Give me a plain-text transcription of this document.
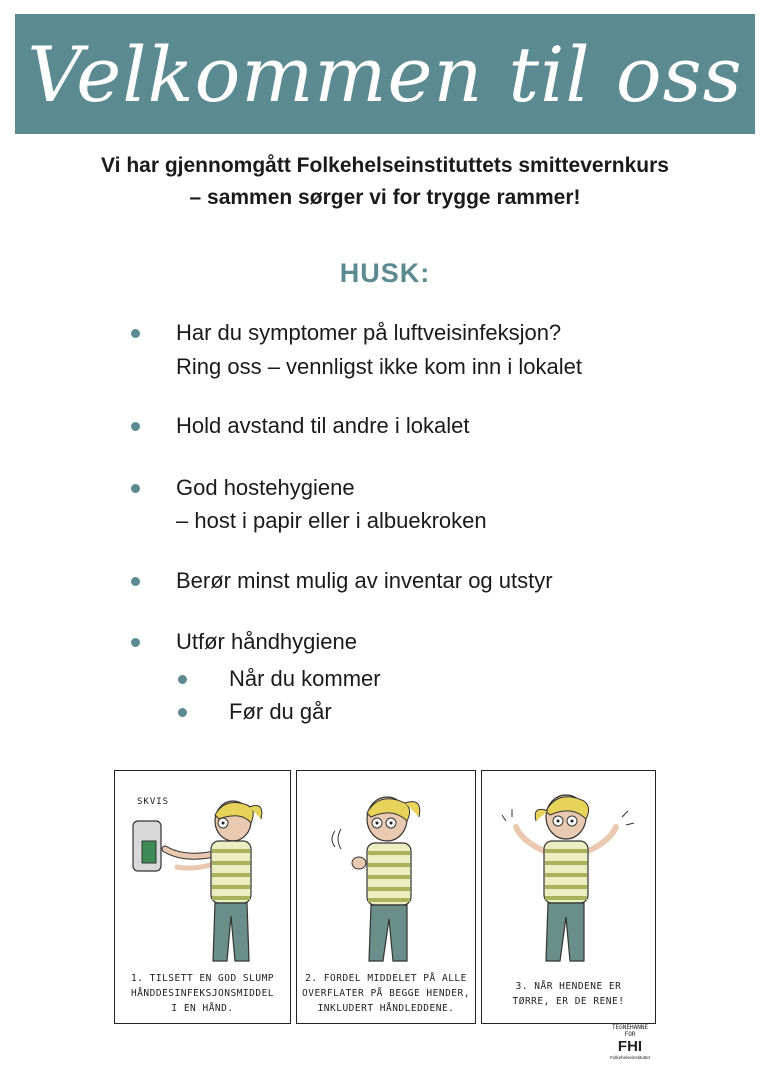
Velkommen til oss
Vi har gjennomgått Folkehelseinstituttets smittevernkurs
– sammen sørger vi for trygge rammer!
HUSK:
Har du symptomer på luftveisinfeksjon?
Ring oss – vennligst ikke kom inn i lokalet
Hold avstand til andre i lokalet
God hostehygiene
– host i papir eller i albuekroken
Berør minst mulig av inventar og utstyr
Utfør håndhygiene
Når du kommer
Før du går
SKVIS
1. TILSETT EN GOD SLUMP
HÅNDDESINFEKSJONSMIDDEL
I EN HÅND.
2. FORDEL MIDDELET PÅ ALLE
OVERFLATER PÅ BEGGE HENDER,
INKLUDERT HÅNDLEDDENE.
3. NÅR HENDENE ER
TØRRE, ER DE RENE!
TEGNEHANNE
FOR
FHI
Folkehelseinstituttet
